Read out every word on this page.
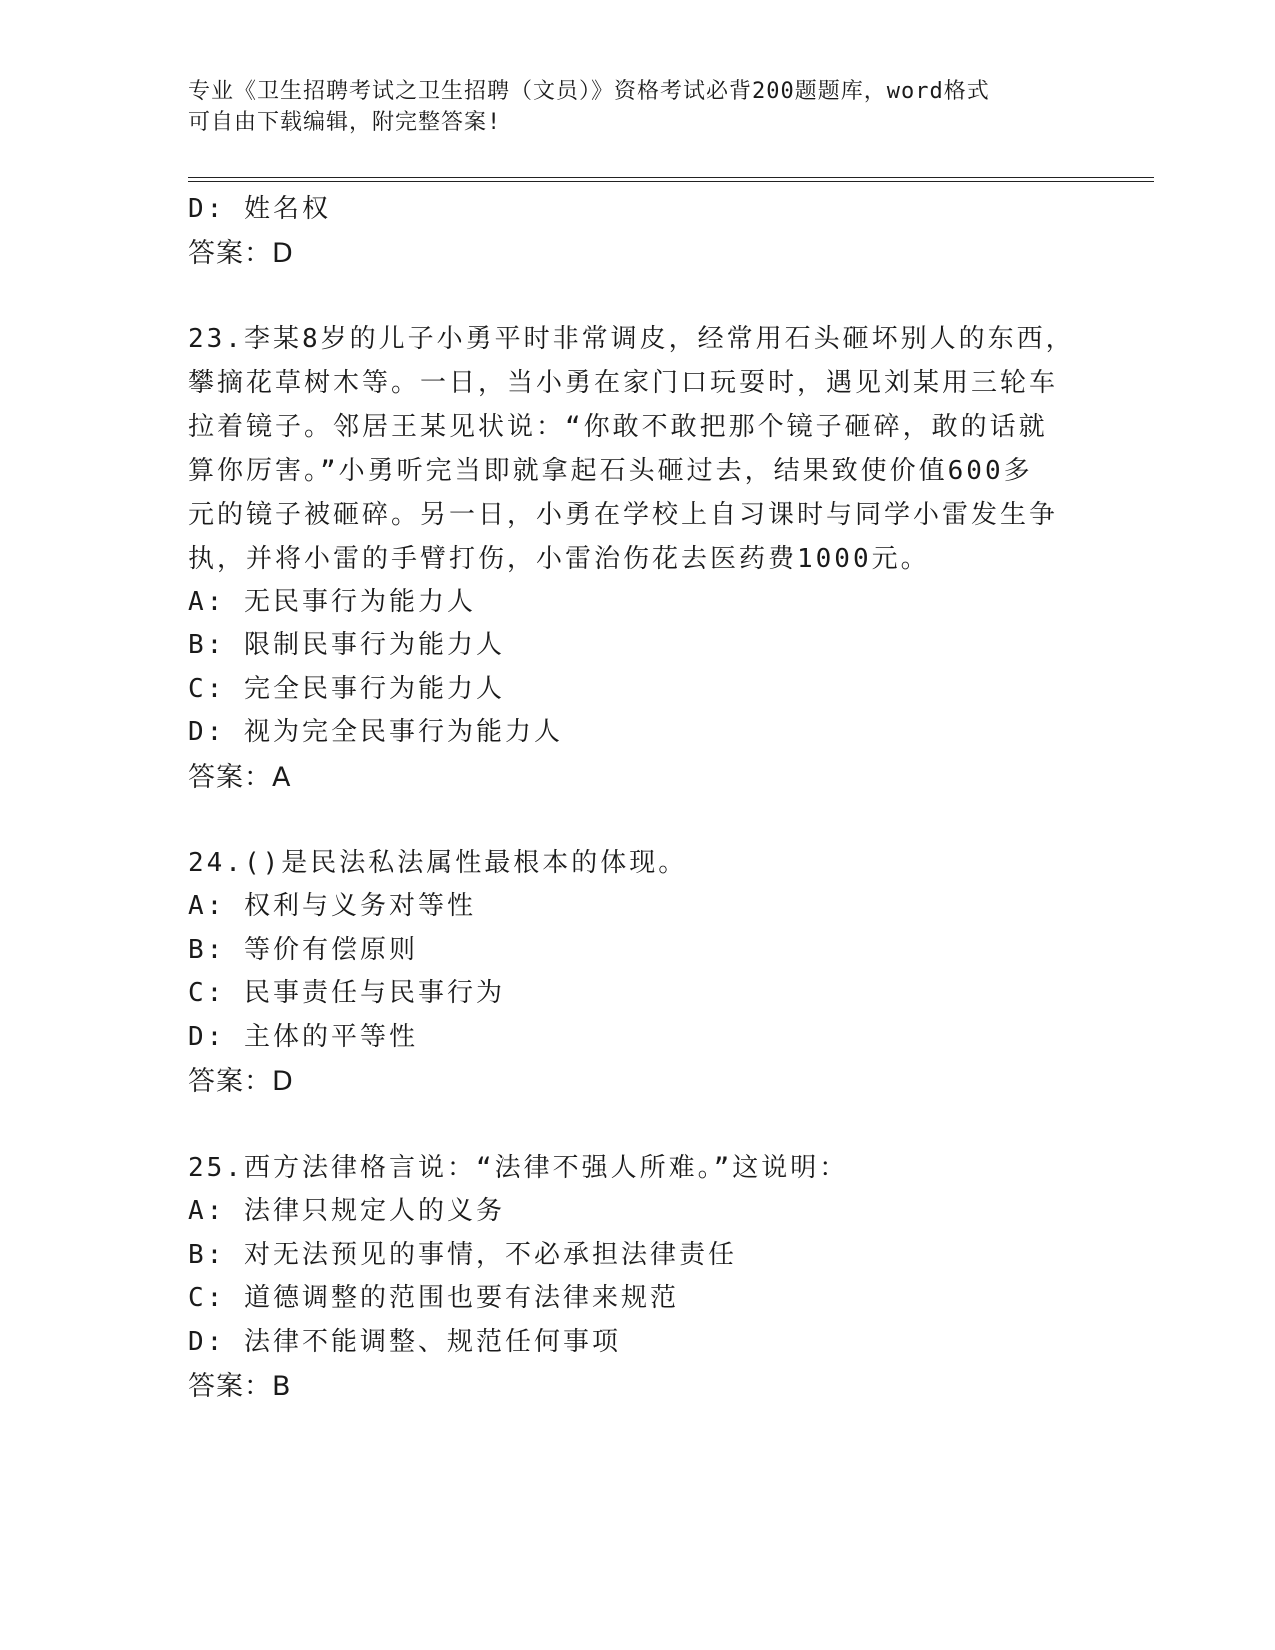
专业《卫生招聘考试之卫生招聘（文员）》资格考试必背200题题库，word格式
可自由下载编辑，附完整答案!
D: 姓名权
答案：D
23.李某8岁的儿子小勇平时非常调皮，经常用石头砸坏别人的东西，
攀摘花草树木等。一日，当小勇在家门口玩耍时，遇见刘某用三轮车
拉着镜子。邻居王某见状说：“你敢不敢把那个镜子砸碎，敢的话就
算你厉害。”小勇听完当即就拿起石头砸过去，结果致使价值600多
元的镜子被砸碎。另一日，小勇在学校上自习课时与同学小雷发生争
执，并将小雷的手臂打伤，小雷治伤花去医药费1000元。
A: 无民事行为能力人
B: 限制民事行为能力人
C: 完全民事行为能力人
D: 视为完全民事行为能力人
答案：A
24.()是民法私法属性最根本的体现。
A: 权利与义务对等性
B: 等价有偿原则
C: 民事责任与民事行为
D: 主体的平等性
答案：D
25.西方法律格言说：“法律不强人所难。”这说明：
A: 法律只规定人的义务
B: 对无法预见的事情，不必承担法律责任
C: 道德调整的范围也要有法律来规范
D: 法律不能调整、规范任何事项
答案：B
